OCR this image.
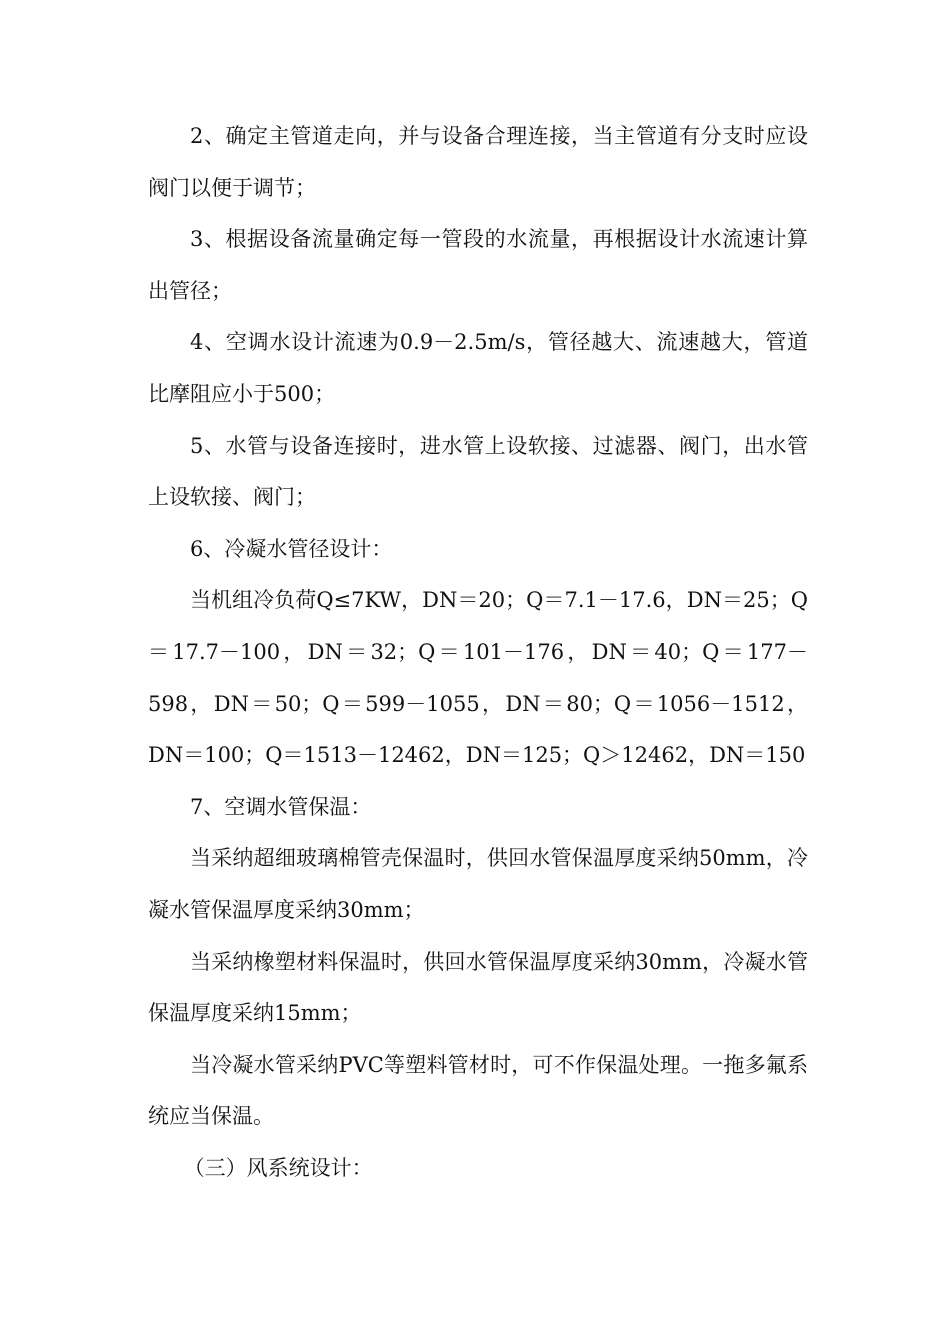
2、确定主管道走向，并与设备合理连接，当主管道有分支时应设阀门以便于调节；

3、根据设备流量确定每一管段的水流量，再根据设计水流速计算出管径；

4、空调水设计流速为0.9－2.5m/s，管径越大、流速越大，管道比摩阻应小于500；

5、水管与设备连接时，进水管上设软接、过滤器、阀门，出水管上设软接、阀门；

6、冷凝水管径设计：

当机组冷负荷Q≤7KW，DN＝20；Q＝7.1－17.6，DN＝25；Q＝17.7－100，DN＝32；Q＝101－176，DN＝40；Q＝177－598，DN＝50；Q＝599－1055，DN＝80；Q＝1056－1512，DN＝100；Q＝1513－12462，DN＝125；Q＞12462，DN＝150

7、空调水管保温：

当采纳超细玻璃棉管壳保温时，供回水管保温厚度采纳50mm，冷凝水管保温厚度采纳30mm；

当采纳橡塑材料保温时，供回水管保温厚度采纳30mm，冷凝水管保温厚度采纳15mm；

当冷凝水管采纳PVC等塑料管材时，可不作保温处理。一拖多氟系统应当保温。

（三）风系统设计：
